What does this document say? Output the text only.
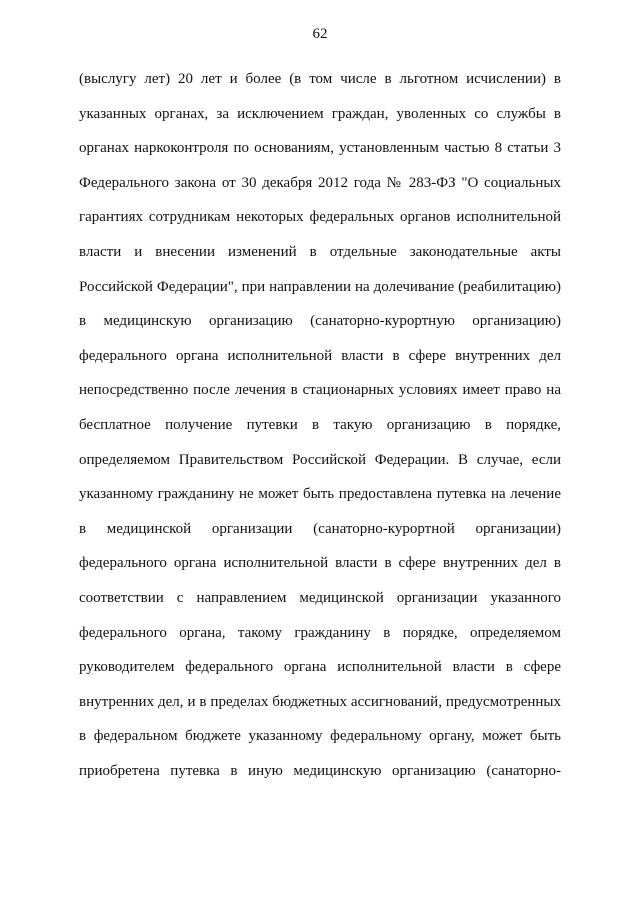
62
(выслугу лет) 20 лет и более (в том числе в льготном исчислении) в
указанных органах, за исключением граждан, уволенных со службы в
органах наркоконтроля по основаниям, установленным частью 8 статьи 3
Федерального закона от 30 декабря 2012 года № 283-ФЗ "О социальных
гарантиях сотрудникам некоторых федеральных органов исполнительной
власти и внесении изменений в отдельные законодательные акты
Российской Федерации", при направлении на долечивание (реабилитацию)
в медицинскую организацию (санаторно-курортную организацию)
федерального органа исполнительной власти в сфере внутренних дел
непосредственно после лечения в стационарных условиях имеет право на
бесплатное получение путевки в такую организацию в порядке,
определяемом Правительством Российской Федерации. В случае, если
указанному гражданину не может быть предоставлена путевка на лечение
в медицинской организации (санаторно-курортной организации)
федерального органа исполнительной власти в сфере внутренних дел в
соответствии с направлением медицинской организации указанного
федерального органа, такому гражданину в порядке, определяемом
руководителем федерального органа исполнительной власти в сфере
внутренних дел, и в пределах бюджетных ассигнований, предусмотренных
в федеральном бюджете указанному федеральному органу, может быть
приобретена путевка в иную медицинскую организацию (санаторно-
